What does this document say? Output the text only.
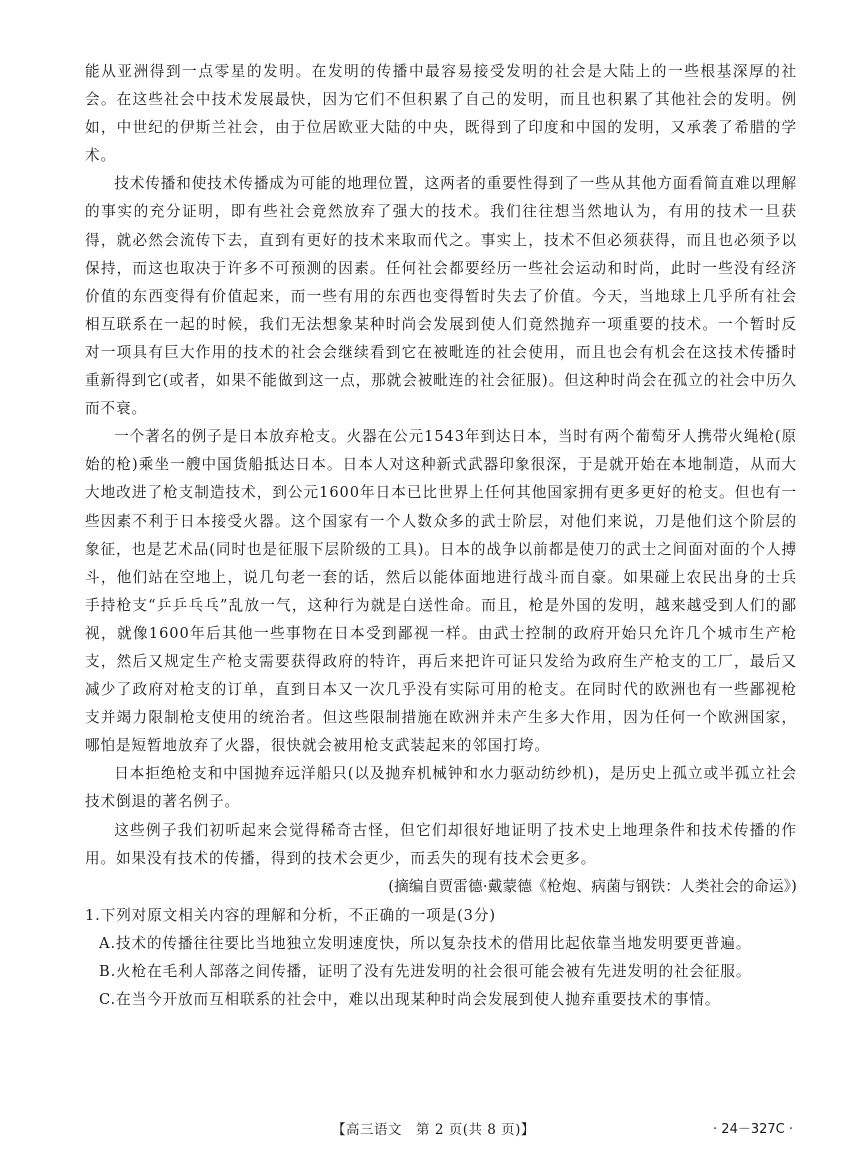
能从亚洲得到一点零星的发明。在发明的传播中最容易接受发明的社会是大陆上的一些根基深厚的社会。在这些社会中技术发展最快，因为它们不但积累了自己的发明，而且也积累了其他社会的发明。例如，中世纪的伊斯兰社会，由于位居欧亚大陆的中央，既得到了印度和中国的发明，又承袭了希腊的学术。

技术传播和使技术传播成为可能的地理位置，这两者的重要性得到了一些从其他方面看简直难以理解的事实的充分证明，即有些社会竟然放弃了强大的技术。我们往往想当然地认为，有用的技术一旦获得，就必然会流传下去，直到有更好的技术来取而代之。事实上，技术不但必须获得，而且也必须予以保持，而这也取决于许多不可预测的因素。任何社会都要经历一些社会运动和时尚，此时一些没有经济价值的东西变得有价值起来，而一些有用的东西也变得暂时失去了价值。今天，当地球上几乎所有社会相互联系在一起的时候，我们无法想象某种时尚会发展到使人们竟然抛弃一项重要的技术。一个暂时反对一项具有巨大作用的技术的社会会继续看到它在被毗连的社会使用，而且也会有机会在这技术传播时重新得到它(或者，如果不能做到这一点，那就会被毗连的社会征服)。但这种时尚会在孤立的社会中历久而不衰。

一个著名的例子是日本放弃枪支。火器在公元1543年到达日本，当时有两个葡萄牙人携带火绳枪(原始的枪)乘坐一艘中国货船抵达日本。日本人对这种新式武器印象很深，于是就开始在本地制造，从而大大地改进了枪支制造技术，到公元1600年日本已比世界上任何其他国家拥有更多更好的枪支。但也有一些因素不利于日本接受火器。这个国家有一个人数众多的武士阶层，对他们来说，刀是他们这个阶层的象征，也是艺术品(同时也是征服下层阶级的工具)。日本的战争以前都是使刀的武士之间面对面的个人搏斗，他们站在空地上，说几句老一套的话，然后以能体面地进行战斗而自豪。如果碰上农民出身的士兵手持枪支“乒乒乓乓”乱放一气，这种行为就是白送性命。而且，枪是外国的发明，越来越受到人们的鄙视，就像1600年后其他一些事物在日本受到鄙视一样。由武士控制的政府开始只允许几个城市生产枪支，然后又规定生产枪支需要获得政府的特许，再后来把许可证只发给为政府生产枪支的工厂，最后又减少了政府对枪支的订单，直到日本又一次几乎没有实际可用的枪支。在同时代的欧洲也有一些鄙视枪支并竭力限制枪支使用的统治者。但这些限制措施在欧洲并未产生多大作用，因为任何一个欧洲国家，哪怕是短暂地放弃了火器，很快就会被用枪支武装起来的邻国打垮。

日本拒绝枪支和中国抛弃远洋船只(以及抛弃机械钟和水力驱动纺纱机)，是历史上孤立或半孤立社会技术倒退的著名例子。

这些例子我们初听起来会觉得稀奇古怪，但它们却很好地证明了技术史上地理条件和技术传播的作用。如果没有技术的传播，得到的技术会更少，而丢失的现有技术会更多。

(摘编自贾雷德·戴蒙德《枪炮、病菌与钢铁：人类社会的命运》)

1.下列对原文相关内容的理解和分析，不正确的一项是(3分)

A.技术的传播往往要比当地独立发明速度快，所以复杂技术的借用比起依靠当地发明要更普遍。

B.火枪在毛利人部落之间传播，证明了没有先进发明的社会很可能会被有先进发明的社会征服。

C.在当今开放而互相联系的社会中，难以出现某种时尚会发展到使人抛弃重要技术的事情。

【高三语文　第 2 页(共 8 页)】	· 24－327C ·
